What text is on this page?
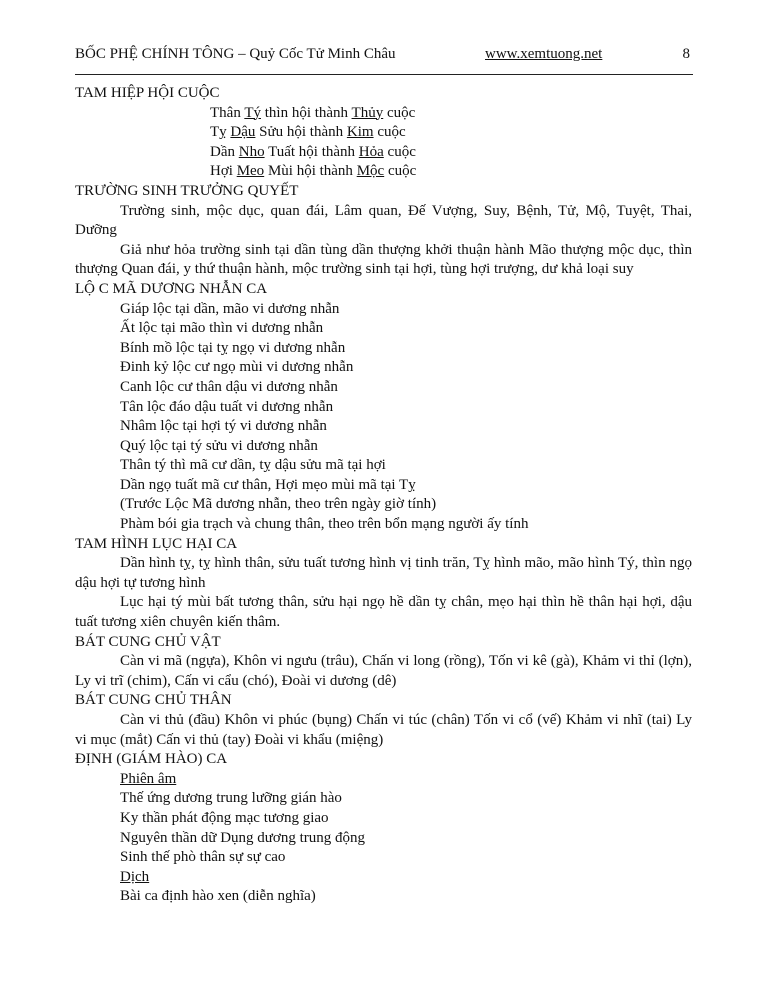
BỐC PHỆ CHÍNH TÔNG – Quỷ Cốc Tử Minh Châu	www.xemtuong.net	8
TAM HIỆP HỘI CUỘC
Thân Tý thìn hội thành Thủy cuộc
Tỵ Dậu Sửu hội thành Kim cuộc
Dần Nho Tuất hội thành Hỏa cuộc
Hợi Meo Mùi hội thành Mộc cuộc
TRƯỜNG SINH TRƯỞNG QUYẾT
Trường sinh, mộc dục, quan đái, Lâm quan, Đế Vượng, Suy, Bệnh, Tử, Mộ, Tuyệt, Thai, Dưỡng
Giả như hỏa trường sinh tại dần tùng dần thượng khởi thuận hành Mão thượng mộc dục, thìn thượng Quan đái, y thứ thuận hành, mộc trường sinh tại hợi, tùng hợi trượng, dư khả loại suy
LỘ C MÃ DƯƠNG NHẪN CA
Giáp lộc tại dần, mão vi dương nhẫn
Ất lộc tại mão thìn vi dương nhẫn
Bính mồ lộc tại tỵ ngọ vi dương nhẫn
Đinh kỷ lộc cư ngọ mùi vi dương nhẫn
Canh lộc cư thân dậu vi dương nhẫn
Tân lộc đáo dậu tuất vi dương nhẫn
Nhâm lộc tại hợi tý vi dương nhẫn
Quý lộc tại tý sửu vi dương nhẫn
Thân tý thì mã cư dần, tỵ dậu sửu mã tại hợi
Dần ngọ tuất mã cư thân, Hợi mẹo mùi mã tại Tỵ
(Trước Lộc Mã dương nhẫn, theo trên ngày giờ tính)
Phàm bói gia trạch và chung thân, theo trên bổn mạng người ấy tính
TAM HÌNH LỤC HẠI CA
Dần hình tỵ, tỵ hình thân, sửu tuất tương hình vị tinh trăn, Tỵ hình mão, mão hình Tý, thìn ngọ dậu hợi tự tương hình
Lục hại tý mùi bất tương thân, sửu hại ngọ hề dần tỵ chân, mẹo hại thìn hề thân hại hợi, dậu tuất tương xiên chuyên kiến thâm.
BÁT CUNG CHỦ VẬT
Càn vi mã (ngựa), Khôn vi ngưu (trâu), Chấn vi long (rồng), Tốn vi kê (gà), Khảm vi thỉ (lợn), Ly vi trĩ (chim), Cấn vi cẩu (chó), Đoài vi dương (dê)
BÁT CUNG CHỦ THÂN
Càn vi thủ (đầu) Khôn vi phúc (bụng) Chấn vi túc (chân) Tốn vi cổ (vế) Khảm vi nhĩ (tai) Ly vi mục (mắt) Cấn vi thủ (tay) Đoài vi khẩu (miệng)
ĐỊNH (GIÁM HÀO) CA
Phiên âm
Thế ứng dương trung lưỡng gián hào
Ky thần phát động mạc tương giao
Nguyên thần dữ Dụng dương trung động
Sinh thế phò thân sự sự cao
Dịch
Bài ca định hào xen (diễn nghĩa)
